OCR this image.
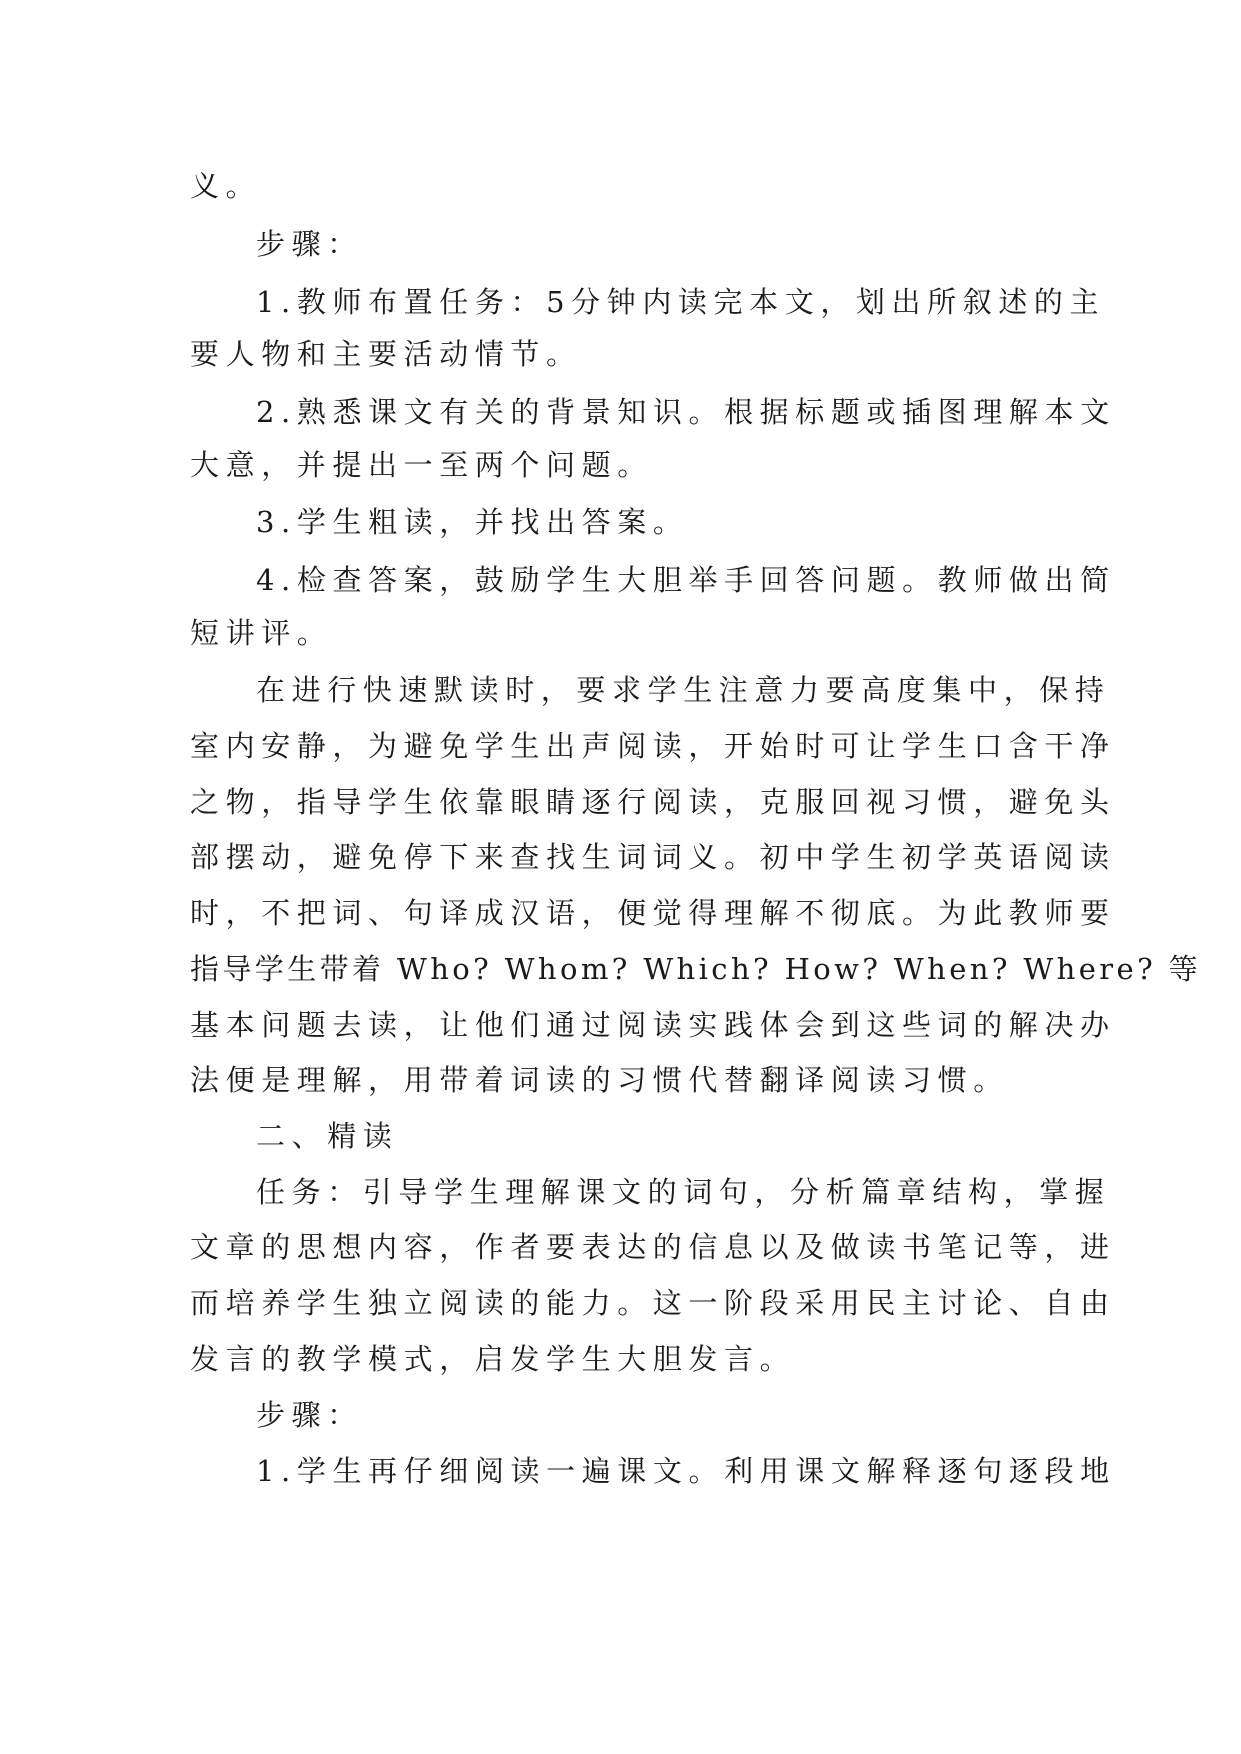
义。

步骤：

1.教师布置任务：5分钟内读完本文，划出所叙述的主

要人物和主要活动情节。

2.熟悉课文有关的背景知识。根据标题或插图理解本文

大意，并提出一至两个问题。

3.学生粗读，并找出答案。

4.检查答案，鼓励学生大胆举手回答问题。教师做出简

短讲评。

在进行快速默读时，要求学生注意力要高度集中，保持

室内安静，为避免学生出声阅读，开始时可让学生口含干净

之物，指导学生依靠眼睛逐行阅读，克服回视习惯，避免头

部摆动，避免停下来查找生词词义。初中学生初学英语阅读

时，不把词、句译成汉语，便觉得理解不彻底。为此教师要

指导学生带着 Who? Whom? Which? How? When? Where? 等

基本问题去读，让他们通过阅读实践体会到这些词的解决办

法便是理解，用带着词读的习惯代替翻译阅读习惯。

二、精读

任务：引导学生理解课文的词句，分析篇章结构，掌握

文章的思想内容，作者要表达的信息以及做读书笔记等，进

而培养学生独立阅读的能力。这一阶段采用民主讨论、自由

发言的教学模式，启发学生大胆发言。

步骤：

1.学生再仔细阅读一遍课文。利用课文解释逐句逐段地
